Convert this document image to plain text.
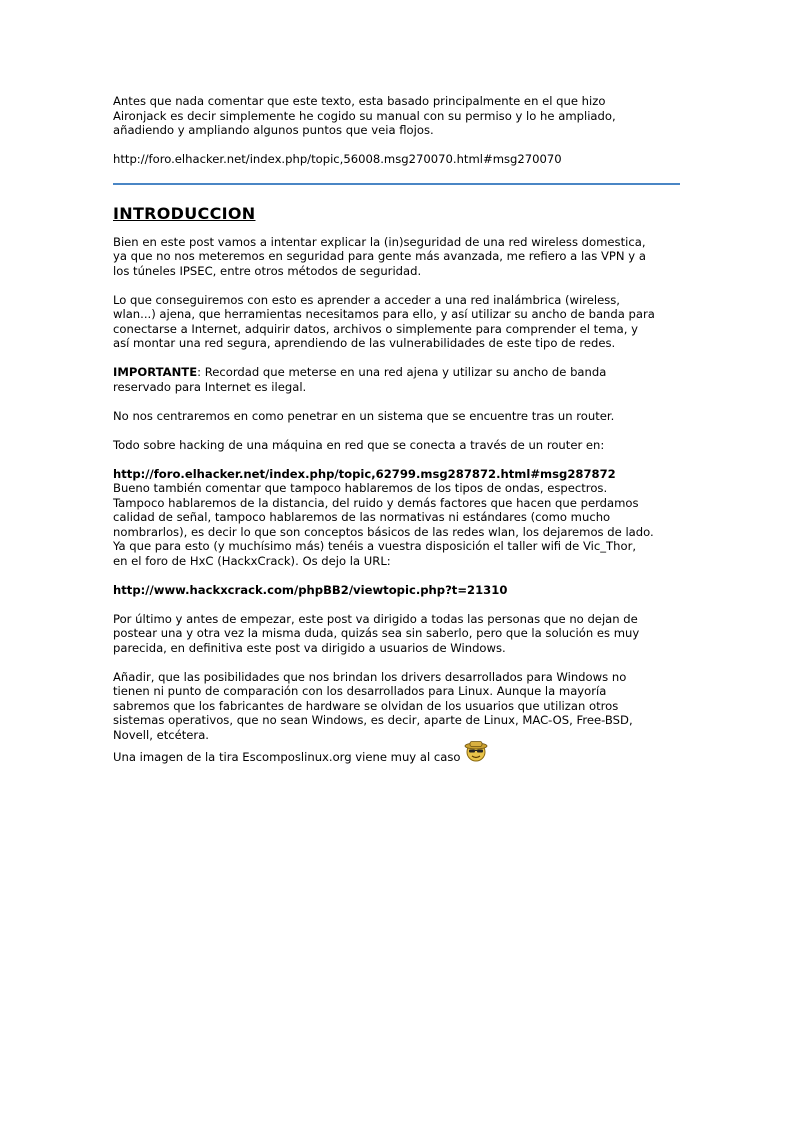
Antes que nada comentar que este texto, esta basado principalmente en el que hizo

Aironjack es decir simplemente he cogido su manual con su permiso y lo he ampliado,

añadiendo y ampliando algunos puntos que veia flojos.

http://foro.elhacker.net/index.php/topic,56008.msg270070.html#msg270070

INTRODUCCION

Bien en este post vamos a intentar explicar la (in)seguridad de una red wireless domestica,

ya que no nos meteremos en seguridad para gente más avanzada, me refiero a las VPN y a

los túneles IPSEC, entre otros métodos de seguridad.

Lo que conseguiremos con esto es aprender a acceder a una red inalámbrica (wireless,

wlan...) ajena, que herramientas necesitamos para ello, y así utilizar su ancho de banda para

conectarse a Internet, adquirir datos, archivos o simplemente para comprender el tema, y

así montar una red segura, aprendiendo de las vulnerabilidades de este tipo de redes.

IMPORTANTE: Recordad que meterse en una red ajena y utilizar su ancho de banda

reservado para Internet es ilegal.

No nos centraremos en como penetrar en un sistema que se encuentre tras un router.

Todo sobre hacking de una máquina en red que se conecta a través de un router en:

http://foro.elhacker.net/index.php/topic,62799.msg287872.html#msg287872

Bueno también comentar que tampoco hablaremos de los tipos de ondas, espectros.

Tampoco hablaremos de la distancia, del ruido y demás factores que hacen que perdamos

calidad de señal, tampoco hablaremos de las normativas ni estándares (como mucho

nombrarlos), es decir lo que son conceptos básicos de las redes wlan, los dejaremos de lado.

Ya que para esto (y muchísimo más) tenéis a vuestra disposición el taller wifi de Vic_Thor,

en el foro de HxC (HackxCrack). Os dejo la URL:

http://www.hackxcrack.com/phpBB2/viewtopic.php?t=21310

Por último y antes de empezar, este post va dirigido a todas las personas que no dejan de

postear una y otra vez la misma duda, quizás sea sin saberlo, pero que la solución es muy

parecida, en definitiva este post va dirigido a usuarios de Windows.

Añadir, que las posibilidades que nos brindan los drivers desarrollados para Windows no

tienen ni punto de comparación con los desarrollados para Linux. Aunque la mayoría

sabremos que los fabricantes de hardware se olvidan de los usuarios que utilizan otros

sistemas operativos, que no sean Windows, es decir, aparte de Linux, MAC-OS, Free-BSD,

Novell, etcétera.

Una imagen de la tira Escomposlinux.org viene muy al caso
